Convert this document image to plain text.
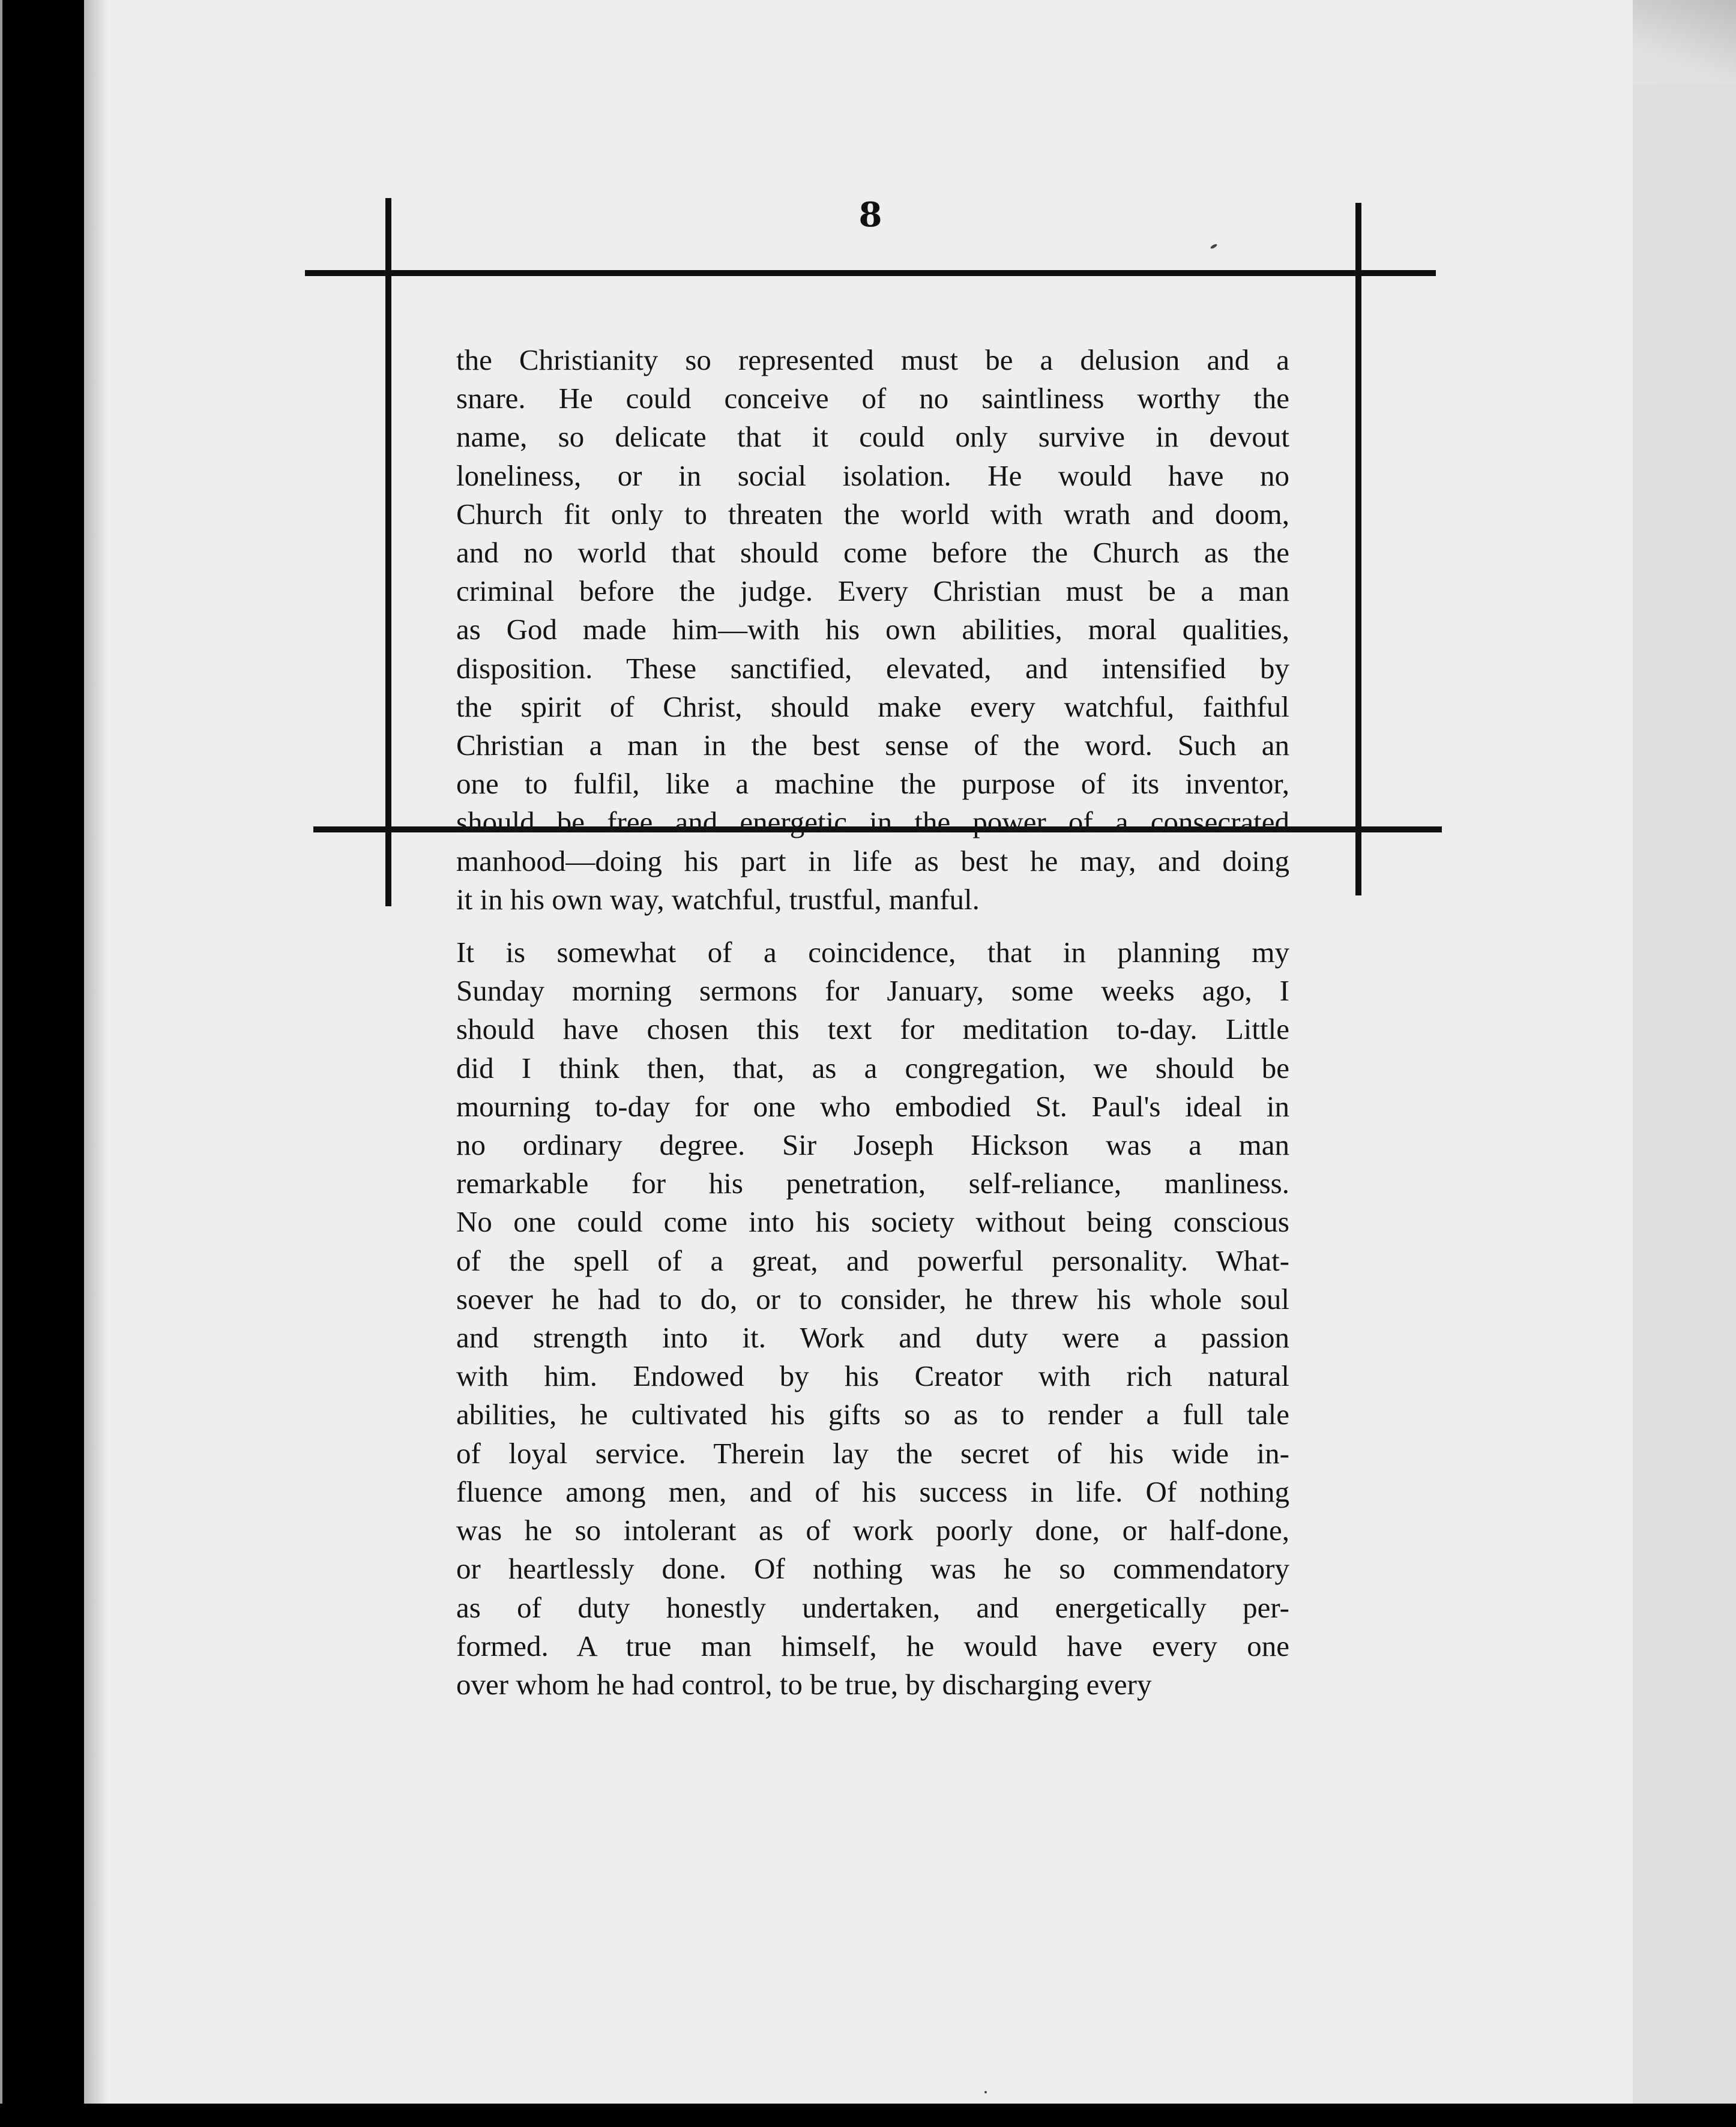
8
the Christianity so represented must be a delusion and a
snare. He could conceive of no saintliness worthy the
name, so delicate that it could only survive in devout
loneliness, or in social isolation. He would have no
Church fit only to threaten the world with wrath and doom,
and no world that should come before the Church as the
criminal before the judge. Every Christian must be a man
as God made him—with his own abilities, moral qualities,
disposition. These sanctified, elevated, and intensified by
the spirit of Christ, should make every watchful, faithful
Christian a man in the best sense of the word. Such an
one to fulfil, like a machine the purpose of its inventor,
should be free and energetic in the power of a consecrated
manhood—doing his part in life as best he may, and doing
it in his own way, watchful, trustful, manful.
It is somewhat of a coincidence, that in planning my
Sunday morning sermons for January, some weeks ago, I
should have chosen this text for meditation to-day. Little
did I think then, that, as a congregation, we should be
mourning to-day for one who embodied St. Paul's ideal in
no ordinary degree. Sir Joseph Hickson was a man
remarkable for his penetration, self-reliance, manliness.
No one could come into his society without being conscious
of the spell of a great, and powerful personality. What-
soever he had to do, or to consider, he threw his whole soul
and strength into it. Work and duty were a passion
with him. Endowed by his Creator with rich natural
abilities, he cultivated his gifts so as to render a full tale
of loyal service. Therein lay the secret of his wide in-
fluence among men, and of his success in life. Of nothing
was he so intolerant as of work poorly done, or half-done,
or heartlessly done. Of nothing was he so commendatory
as of duty honestly undertaken, and energetically per-
formed. A true man himself, he would have every one
over whom he had control, to be true, by discharging every
